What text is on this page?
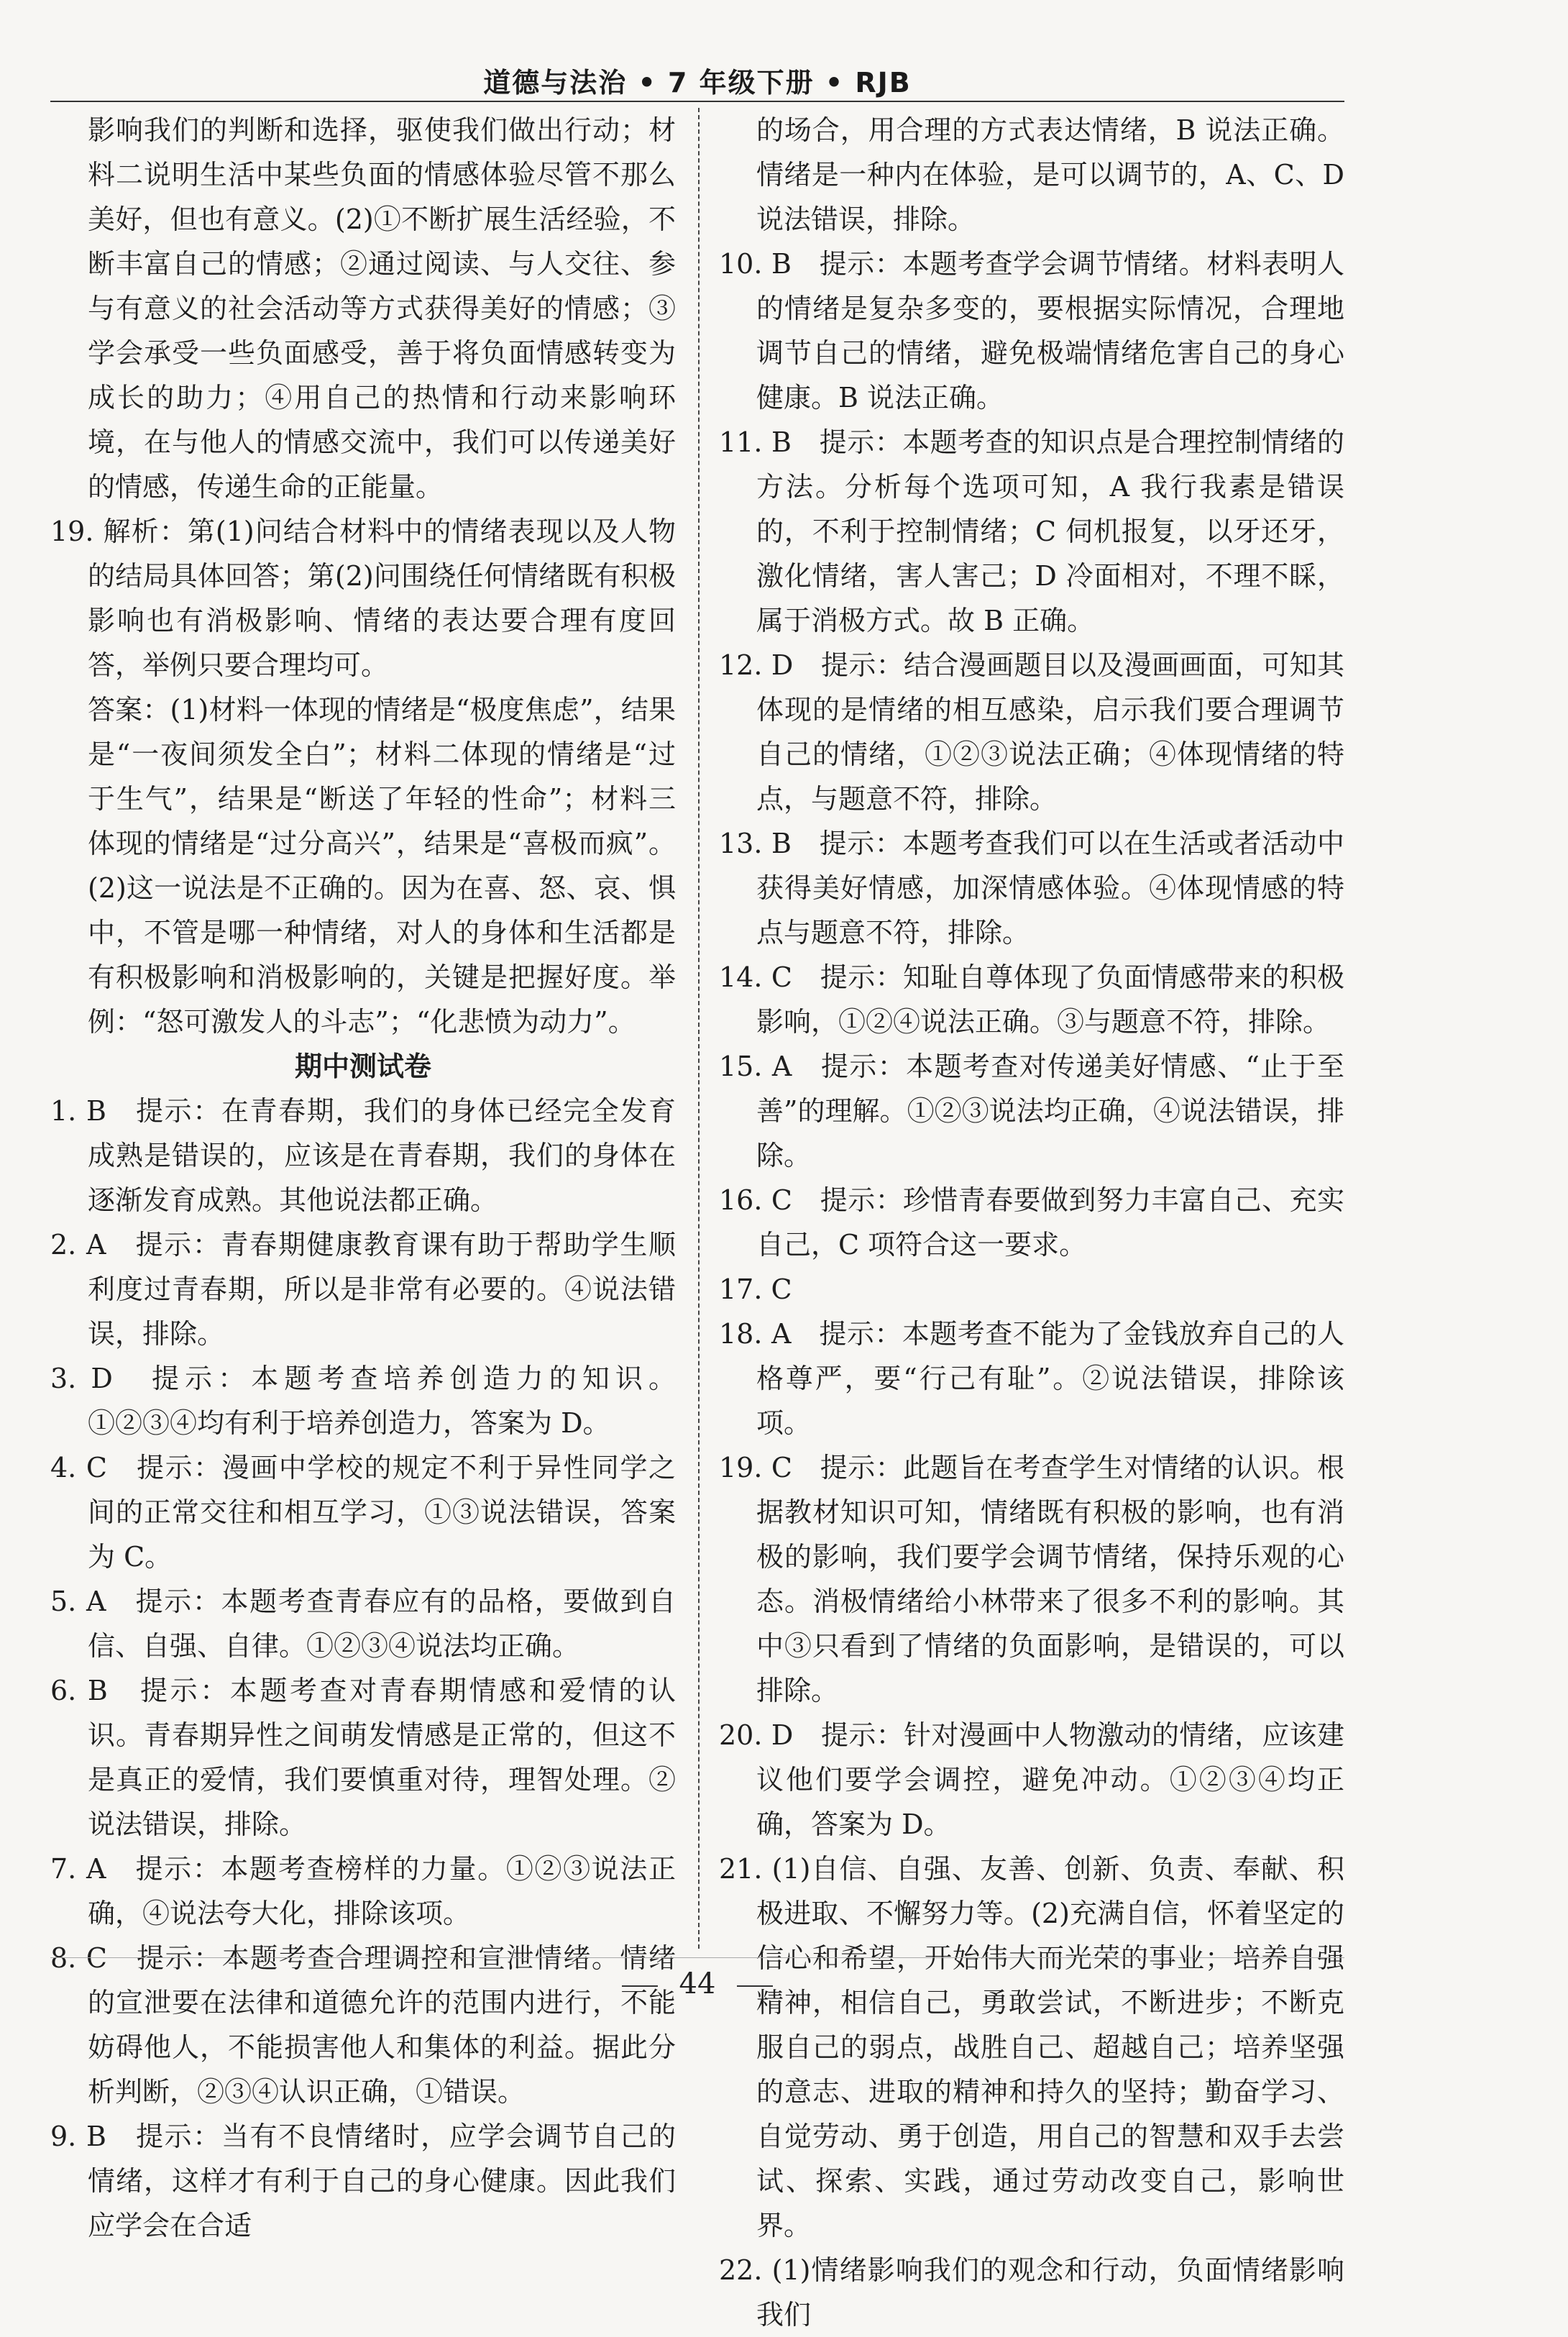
道德与法治 • 7 年级下册 • RJB

影响我们的判断和选择，驱使我们做出行动；材料二说明生活中某些负面的情感体验尽管不那么美好，但也有意义。(2)①不断扩展生活经验，不断丰富自己的情感；②通过阅读、与人交往、参与有意义的社会活动等方式获得美好的情感；③学会承受一些负面感受，善于将负面情感转变为成长的助力；④用自己的热情和行动来影响环境，在与他人的情感交流中，我们可以传递美好的情感，传递生命的正能量。

19. 解析：第(1)问结合材料中的情绪表现以及人物的结局具体回答；第(2)问围绕任何情绪既有积极影响也有消极影响、情绪的表达要合理有度回答，举例只要合理均可。

答案：(1)材料一体现的情绪是“极度焦虑”，结果是“一夜间须发全白”；材料二体现的情绪是“过于生气”，结果是“断送了年轻的性命”；材料三体现的情绪是“过分高兴”，结果是“喜极而疯”。(2)这一说法是不正确的。因为在喜、怒、哀、惧中，不管是哪一种情绪，对人的身体和生活都是有积极影响和消极影响的，关键是把握好度。举例：“怒可激发人的斗志”；“化悲愤为动力”。

期中测试卷

1. B　提示：在青春期，我们的身体已经完全发育成熟是错误的，应该是在青春期，我们的身体在逐渐发育成熟。其他说法都正确。

2. A　提示：青春期健康教育课有助于帮助学生顺利度过青春期，所以是非常有必要的。④说法错误，排除。

3. D　提示：本题考查培养创造力的知识。①②③④均有利于培养创造力，答案为 D。

4. C　提示：漫画中学校的规定不利于异性同学之间的正常交往和相互学习，①③说法错误，答案为 C。

5. A　提示：本题考查青春应有的品格，要做到自信、自强、自律。①②③④说法均正确。

6. B　提示：本题考查对青春期情感和爱情的认识。青春期异性之间萌发情感是正常的，但这不是真正的爱情，我们要慎重对待，理智处理。②说法错误，排除。

7. A　提示：本题考查榜样的力量。①②③说法正确，④说法夸大化，排除该项。

8. C　提示：本题考查合理调控和宣泄情绪。情绪的宣泄要在法律和道德允许的范围内进行，不能妨碍他人，不能损害他人和集体的利益。据此分析判断，②③④认识正确，①错误。

9. B　提示：当有不良情绪时，应学会调节自己的情绪，这样才有利于自己的身心健康。因此我们应学会在合适

的场合，用合理的方式表达情绪，B 说法正确。情绪是一种内在体验，是可以调节的，A、C、D 说法错误，排除。

10. B　提示：本题考查学会调节情绪。材料表明人的情绪是复杂多变的，要根据实际情况，合理地调节自己的情绪，避免极端情绪危害自己的身心健康。B 说法正确。

11. B　提示：本题考查的知识点是合理控制情绪的方法。分析每个选项可知，A 我行我素是错误的，不利于控制情绪；C 伺机报复，以牙还牙，激化情绪，害人害己；D 冷面相对，不理不睬，属于消极方式。故 B 正确。

12. D　提示：结合漫画题目以及漫画画面，可知其体现的是情绪的相互感染，启示我们要合理调节自己的情绪，①②③说法正确；④体现情绪的特点，与题意不符，排除。

13. B　提示：本题考查我们可以在生活或者活动中获得美好情感，加深情感体验。④体现情感的特点与题意不符，排除。

14. C　提示：知耻自尊体现了负面情感带来的积极影响，①②④说法正确。③与题意不符，排除。

15. A　提示：本题考查对传递美好情感、“止于至善”的理解。①②③说法均正确，④说法错误，排除。

16. C　提示：珍惜青春要做到努力丰富自己、充实自己，C 项符合这一要求。

17. C

18. A　提示：本题考查不能为了金钱放弃自己的人格尊严，要“行己有耻”。②说法错误，排除该项。

19. C　提示：此题旨在考查学生对情绪的认识。根据教材知识可知，情绪既有积极的影响，也有消极的影响，我们要学会调节情绪，保持乐观的心态。消极情绪给小林带来了很多不利的影响。其中③只看到了情绪的负面影响，是错误的，可以排除。

20. D　提示：针对漫画中人物激动的情绪，应该建议他们要学会调控，避免冲动。①②③④均正确，答案为 D。

21. (1)自信、自强、友善、创新、负责、奉献、积极进取、不懈努力等。(2)充满自信，怀着坚定的信心和希望，开始伟大而光荣的事业；培养自强精神，相信自己，勇敢尝试，不断进步；不断克服自己的弱点，战胜自己、超越自己；培养坚强的意志、进取的精神和持久的坚持；勤奋学习、自觉劳动、勇于创造，用自己的智慧和双手去尝试、探索、实践，通过劳动改变自己，影响世界。

22. (1)情绪影响我们的观念和行动，负面情绪影响我们

44
